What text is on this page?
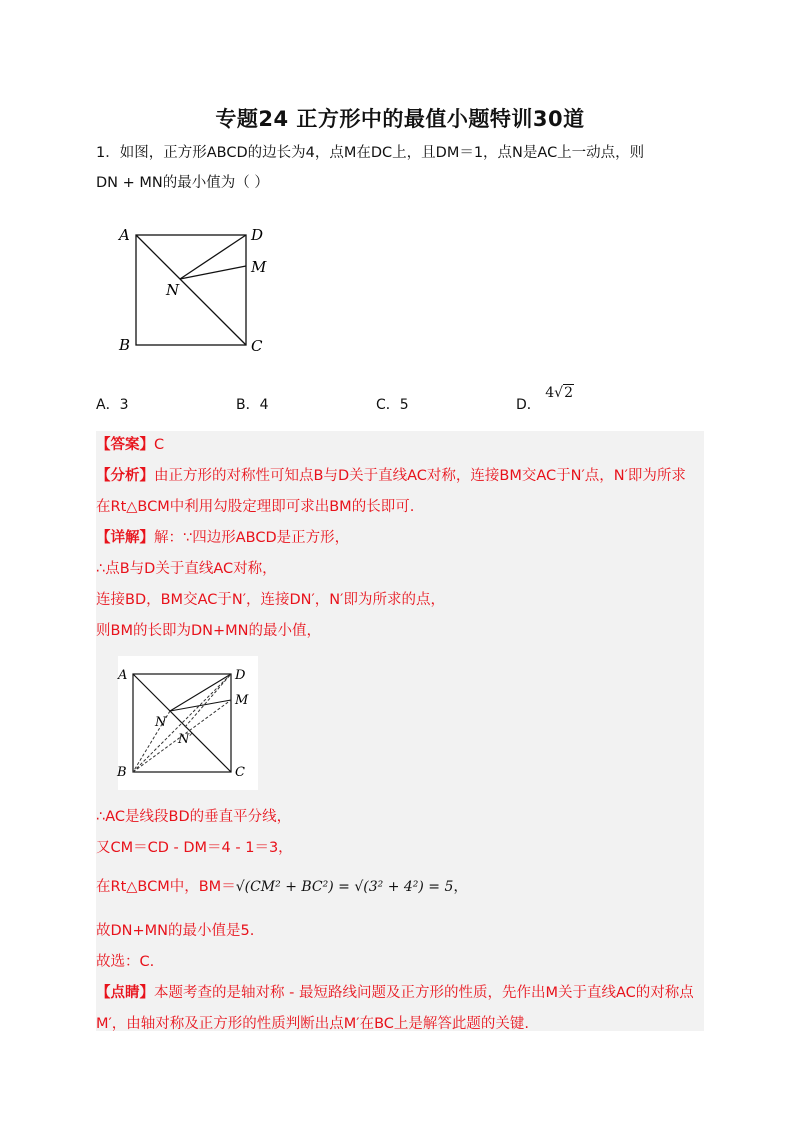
专题24 正方形中的最值小题特训30道
1．如图，正方形ABCD的边长为4，点M在DC上，且DM＝1，点N是AC上一动点，则
DN + MN的最小值为（ ）
A	D
M
N
B	C
A．3	B．4	C．5	D． 4√2
【答案】C
【分析】由正方形的对称性可知点B与D关于直线AC对称，连接BM交AC于N′点，N′即为所求
在Rt△BCM中利用勾股定理即可求出BM的长即可.
【详解】解：∵四边形ABCD是正方形，
∴点B与D关于直线AC对称，
连接BD，BM交AC于N′，连接DN′，N′即为所求的点，
则BM的长即为DN+MN的最小值，
A	D
M
N
N′
B	C
∴AC是线段BD的垂直平分线，
又CM＝CD - DM＝4 - 1＝3，
在Rt△BCM中，BM＝√(CM² + BC²) = √(3² + 4²) = 5，
故DN+MN的最小值是5.
故选：C.
【点睛】本题考查的是轴对称 - 最短路线问题及正方形的性质，先作出M关于直线AC的对称点
M′，由轴对称及正方形的性质判断出点M′在BC上是解答此题的关键.
